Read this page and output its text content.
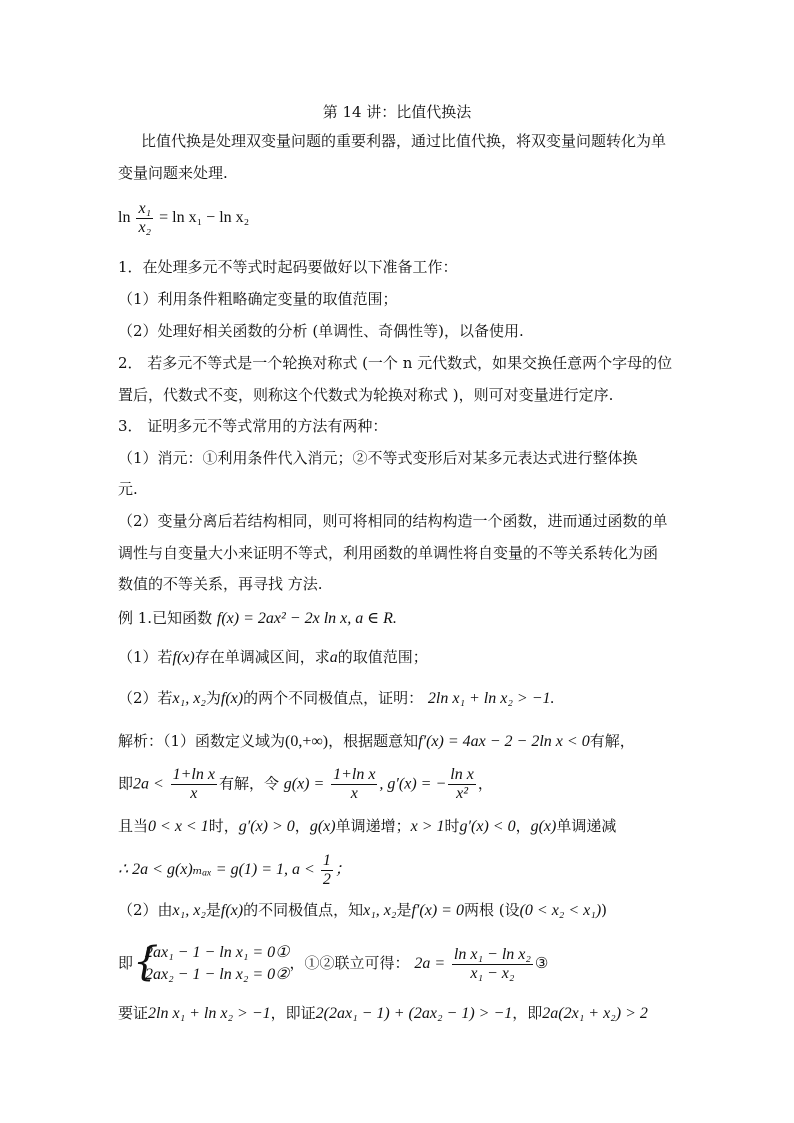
第 14 讲：比值代换法
比值代换是处理双变量问题的重要利器，通过比值代换，将双变量问题转化为单
变量问题来处理.
$\ln \frac{\text{x₁}}{\text{x₂}} = \ln x_1 - \ln x_2$
1．在处理多元不等式时起码要做好以下准备工作：
（1）利用条件粗略确定变量的取值范围；
（2）处理好相关函数的分析 (单调性、奇偶性等)，以备使用.
2． 若多元不等式是一个轮换对称式 (一个 n 元代数式，如果交换任意两个字母的位
置后，代数式不变，则称这个代数式为轮换对称式 )，则可对变量进行定序.
3． 证明多元不等式常用的方法有两种：
（1）消元：①利用条件代入消元；②不等式变形后对某多元表达式进行整体换
元.
（2）变量分离后若结构相同，则可将相同的结构构造一个函数，进而通过函数的单
调性与自变量大小来证明不等式，利用函数的单调性将自变量的不等关系转化为函
数值的不等关系，再寻找 方法.
例 1.已知函数 f(x) = 2ax² − 2x ln x, a ∈ R.
（1）若f(x)存在单调减区间，求a的取值范围；
（2）若x₁, x₂为f(x)的两个不同极值点，证明： 2ln x₁ + ln x₂ > −1.
解析：（1）函数定义域为(0,+∞)，根据题意知f′(x) = 4ax − 2 − 2ln x < 0有解，
即$2a < \frac{\text{1+ln x}}{x}$ 有解，令 $g(x) = \frac{\text{1+ln x}}{x}$ , g′(x) = − $\frac{\text{ln x}}{\text{x²}}$ ，
且当0 < x < 1时，g′(x) > 0，g(x)单调递增；x > 1时g′(x) < 0，g(x)单调递减
∴ 2a < g(x)ₘₐₓ = g(1) = 1, $a < \frac{1}{2}$ ；
（2）由x₁, x₂是f(x)的不同极值点，知x₁, x₂是f′(x) = 0两根 (设(0 < x₂ < x₁))
即 {
2ax₁ − 1 − ln x₁ = 0①
2ax₂ − 1 − ln x₂ = 0②
，①②联立可得： $2a = \frac{\text{ln x₁ − ln x₂}}{\text{x₁ − x₂}}$ ③
要证2ln x₁ + ln x₂ > −1，即证2(2ax₁ − 1) + (2ax₂ − 1) > −1，即2a(2x₁ + x₂) > 2
